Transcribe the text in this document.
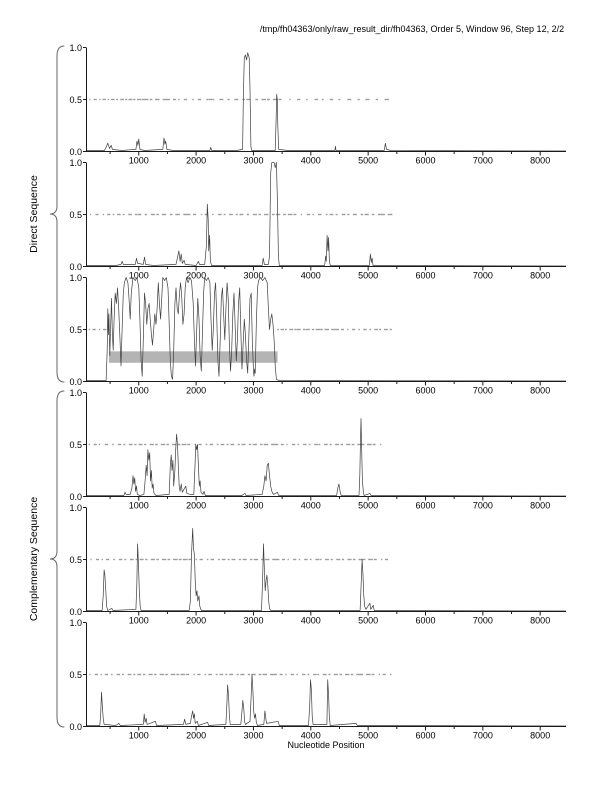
/tmp/fh04363/only/raw_result_dir/fh04363, Order 5, Window 96, Step 12, 2/2
Direct Sequence
Complementary Sequence
1000	2000	3000	4000	5000	6000	7000	8000
1.0
0.5
0.0
1000	2000	3000	4000	5000	6000	7000	8000
1.0
0.5
0.0
1000	2000	3000	4000	5000	6000	7000	8000
1.0
0.5
0.0
1000	2000	3000	4000	5000	6000	7000	8000
1.0
0.5
0.0
1000	2000	3000	4000	5000	6000	7000	8000
1.0
0.5
0.0
1000	2000	3000	4000	5000	6000	7000	8000
1.0
0.5
0.0
Nucleotide Position
